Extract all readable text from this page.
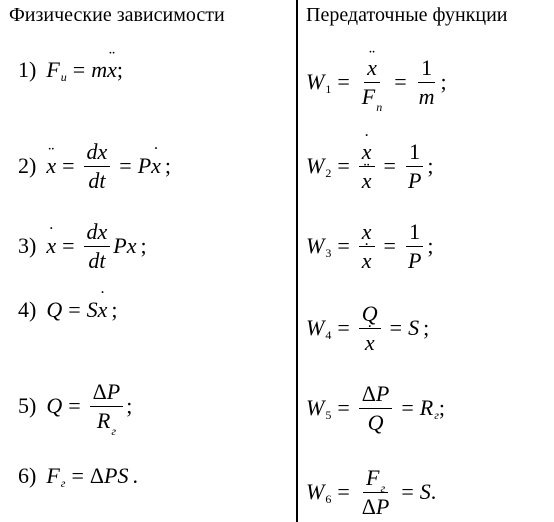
Физические зависимости	Передаточные функции
1) F и = m ¨ x ;
2) ¨ $x = \frac{dx}{dt} = P$ ˙ x ;
3) ˙ $x = \frac{dx}{dt}$ Px ;
4) Q = S ˙ x ;
5) $Q = \frac{\Delta P}{R_г}$ ;
6) F г = Δ PS .
W 1 = ¨ $\frac{x}{F_п} = \frac{1}{m}$ ;
W 2 = ˙ x
¨ $x = \frac{1}{P}$ ;
W 3 = x
˙ $x = \frac{1}{P}$ ;
W 4 = Q
˙ x = S ;
W $5 = \frac{\Delta P}{Q} = R$ г ;
W $6 = \frac{F_г}{\Delta P} = S$ .
